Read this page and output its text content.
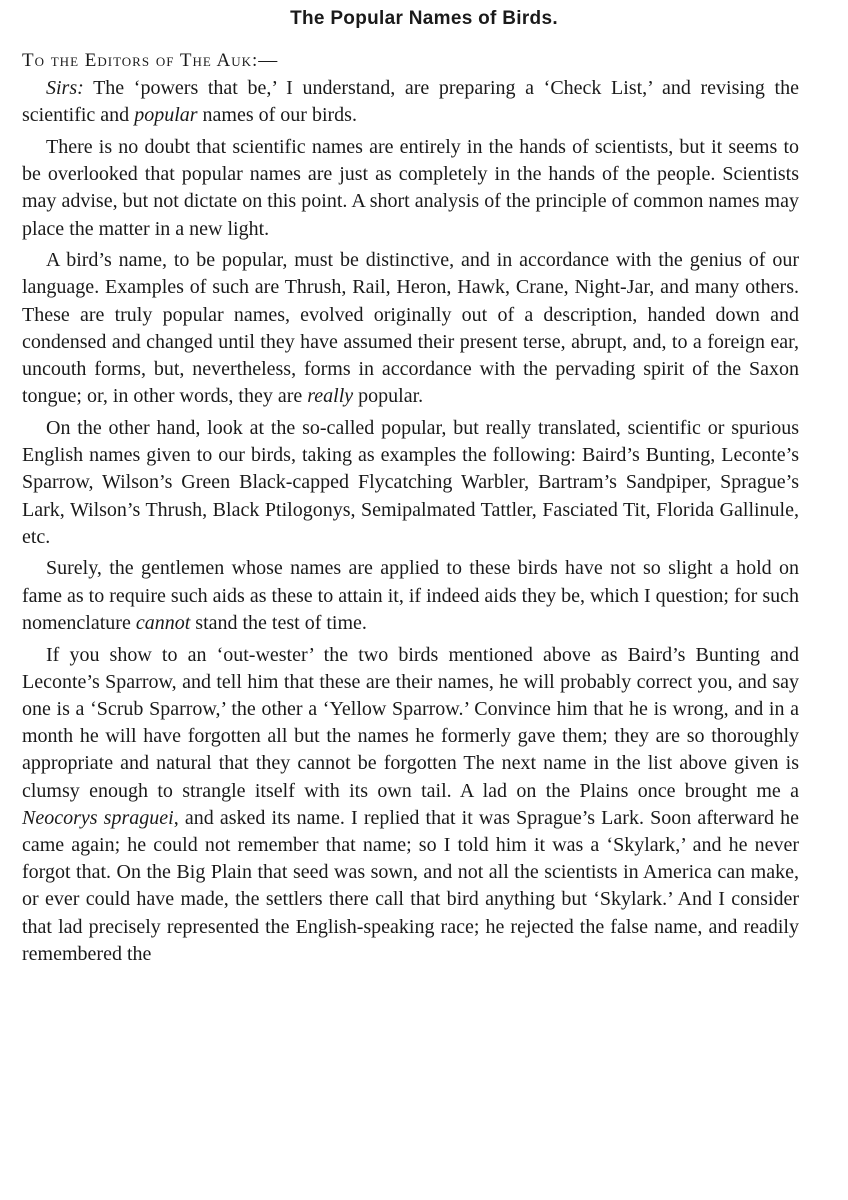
The Popular Names of Birds.
To the Editors of The Auk:—

Sirs: The ‘powers that be,’ I understand, are preparing a ‘Check List,’ and revising the scientific and popular names of our birds.

There is no doubt that scientific names are entirely in the hands of scientists, but it seems to be overlooked that popular names are just as completely in the hands of the people. Scientists may advise, but not dictate on this point. A short analysis of the principle of common names may place the matter in a new light.

A bird’s name, to be popular, must be distinctive, and in accordance with the genius of our language. Examples of such are Thrush, Rail, Heron, Hawk, Crane, Night-Jar, and many others. These are truly popular names, evolved originally out of a description, handed down and condensed and changed until they have assumed their present terse, abrupt, and, to a foreign ear, uncouth forms, but, nevertheless, forms in accordance with the pervading spirit of the Saxon tongue; or, in other words, they are really popular.

On the other hand, look at the so-called popular, but really translated, scientific or spurious English names given to our birds, taking as examples the following: Baird’s Bunting, Leconte’s Sparrow, Wilson’s Green Black-capped Flycatching Warbler, Bartram’s Sandpiper, Sprague’s Lark, Wilson’s Thrush, Black Ptilogonys, Semipalmated Tattler, Fasciated Tit, Florida Gallinule, etc.

Surely, the gentlemen whose names are applied to these birds have not so slight a hold on fame as to require such aids as these to attain it, if indeed aids they be, which I question; for such nomenclature cannot stand the test of time.

If you show to an ‘out-wester’ the two birds mentioned above as Baird’s Bunting and Leconte’s Sparrow, and tell him that these are their names, he will probably correct you, and say one is a ‘Scrub Sparrow,’ the other a ‘Yellow Sparrow.’ Convince him that he is wrong, and in a month he will have forgotten all but the names he formerly gave them; they are so thoroughly appropriate and natural that they cannot be forgotten The next name in the list above given is clumsy enough to strangle itself with its own tail. A lad on the Plains once brought me a Neocorys spraguei, and asked its name. I replied that it was Sprague’s Lark. Soon afterward he came again; he could not remember that name; so I told him it was a ‘Skylark,’ and he never forgot that. On the Big Plain that seed was sown, and not all the scientists in America can make, or ever could have made, the settlers there call that bird anything but ‘Skylark.’ And I consider that lad precisely represented the English-speaking race; he rejected the false name, and readily remembered the
